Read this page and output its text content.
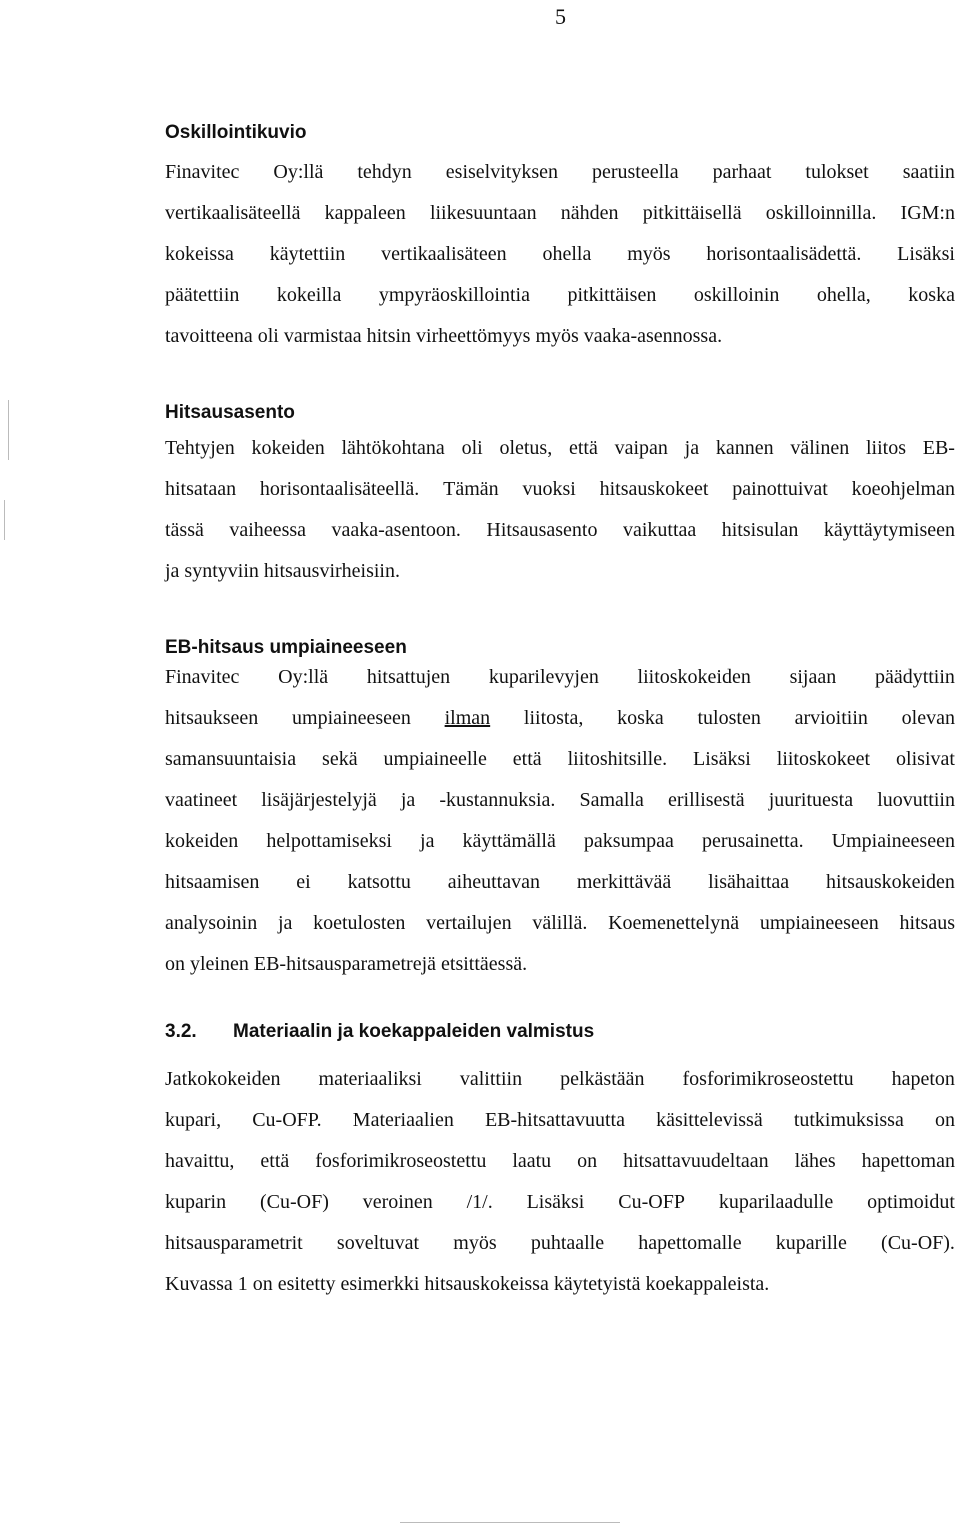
5
Oskillointikuvio
Finavitec Oy:llä tehdyn esiselvityksen perusteella parhaat tulokset saatiin
vertikaalisäteellä kappaleen liikesuuntaan nähden pitkittäisellä oskilloinnilla. IGM:n
kokeissa käytettiin vertikaalisäteen ohella myös horisontaalisädettä. Lisäksi
päätettiin kokeilla ympyräoskillointia pitkittäisen oskilloinin ohella, koska
tavoitteena oli varmistaa hitsin virheettömyys myös vaaka-asennossa.
Hitsausasento
Tehtyjen kokeiden lähtökohtana oli oletus, että vaipan ja kannen välinen liitos EB-
hitsataan horisontaalisäteellä. Tämän vuoksi hitsauskokeet painottuivat koeohjelman
tässä vaiheessa vaaka-asentoon. Hitsausasento vaikuttaa hitsisulan käyttäytymiseen
ja syntyviin hitsausvirheisiin.
EB-hitsaus umpiaineeseen
Finavitec Oy:llä hitsattujen kuparilevyjen liitoskokeiden sijaan päädyttiin
hitsaukseen umpiaineeseen ilman liitosta, koska tulosten arvioitiin olevan
samansuuntaisia sekä umpiaineelle että liitoshitsille. Lisäksi liitoskokeet olisivat
vaatineet lisäjärjestelyjä ja -kustannuksia. Samalla erillisestä juurituesta luovuttiin
kokeiden helpottamiseksi ja käyttämällä paksumpaa perusainetta. Umpiaineeseen
hitsaamisen ei katsottu aiheuttavan merkittävää lisähaittaa hitsauskokeiden
analysoinin ja koetulosten vertailujen välillä. Koemenettelynä umpiaineeseen hitsaus
on yleinen EB-hitsausparametrejä etsittäessä.
3.2.	Materiaalin ja koekappaleiden valmistus
Jatkokokeiden materiaaliksi valittiin pelkästään fosforimikroseostettu hapeton
kupari, Cu-OFP. Materiaalien EB-hitsattavuutta käsittelevissä tutkimuksissa on
havaittu, että fosforimikroseostettu laatu on hitsattavuudeltaan lähes hapettoman
kuparin (Cu-OF) veroinen /1/. Lisäksi Cu-OFP kuparilaadulle optimoidut
hitsausparametrit soveltuvat myös puhtaalle hapettomalle kuparille (Cu-OF).
Kuvassa 1 on esitetty esimerkki hitsauskokeissa käytetyistä koekappaleista.
